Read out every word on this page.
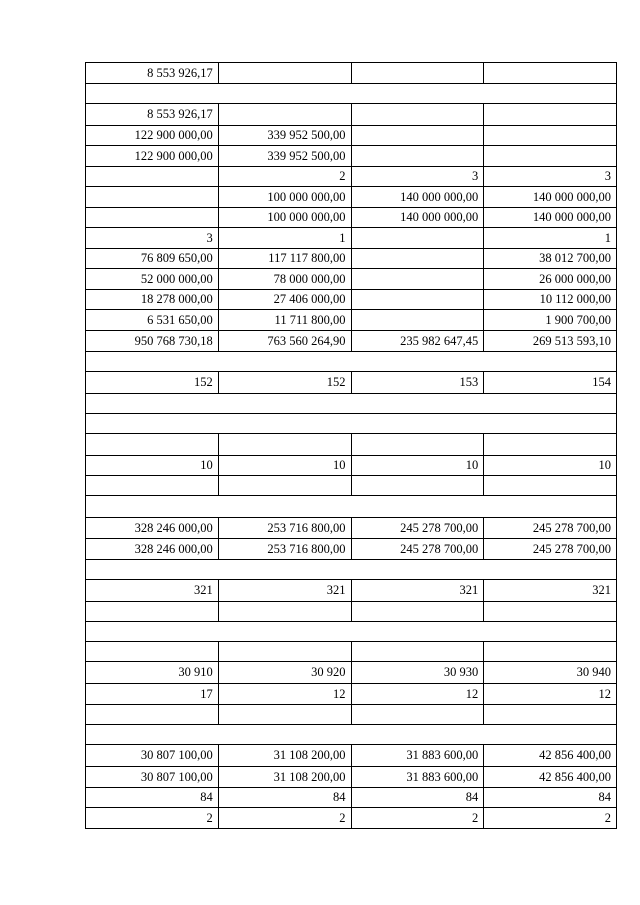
8 553 926,17			

8 553 926,17			
122 900 000,00	339 952 500,00		
122 900 000,00	339 952 500,00		
	2	3	3
	100 000 000,00	140 000 000,00	140 000 000,00
	100 000 000,00	140 000 000,00	140 000 000,00
3	1		1
76 809 650,00	117 117 800,00		38 012 700,00
52 000 000,00	78 000 000,00		26 000 000,00
18 278 000,00	27 406 000,00		10 112 000,00
6 531 650,00	11 711 800,00		1 900 700,00
950 768 730,18	763 560 264,90	235 982 647,45	269 513 593,10

152	152	153	154

10	10	10	10

328 246 000,00	253 716 800,00	245 278 700,00	245 278 700,00
328 246 000,00	253 716 800,00	245 278 700,00	245 278 700,00

321	321	321	321

30 910	30 920	30 930	30 940
17	12	12	12

30 807 100,00	31 108 200,00	31 883 600,00	42 856 400,00
30 807 100,00	31 108 200,00	31 883 600,00	42 856 400,00
84	84	84	84
2	2	2	2
